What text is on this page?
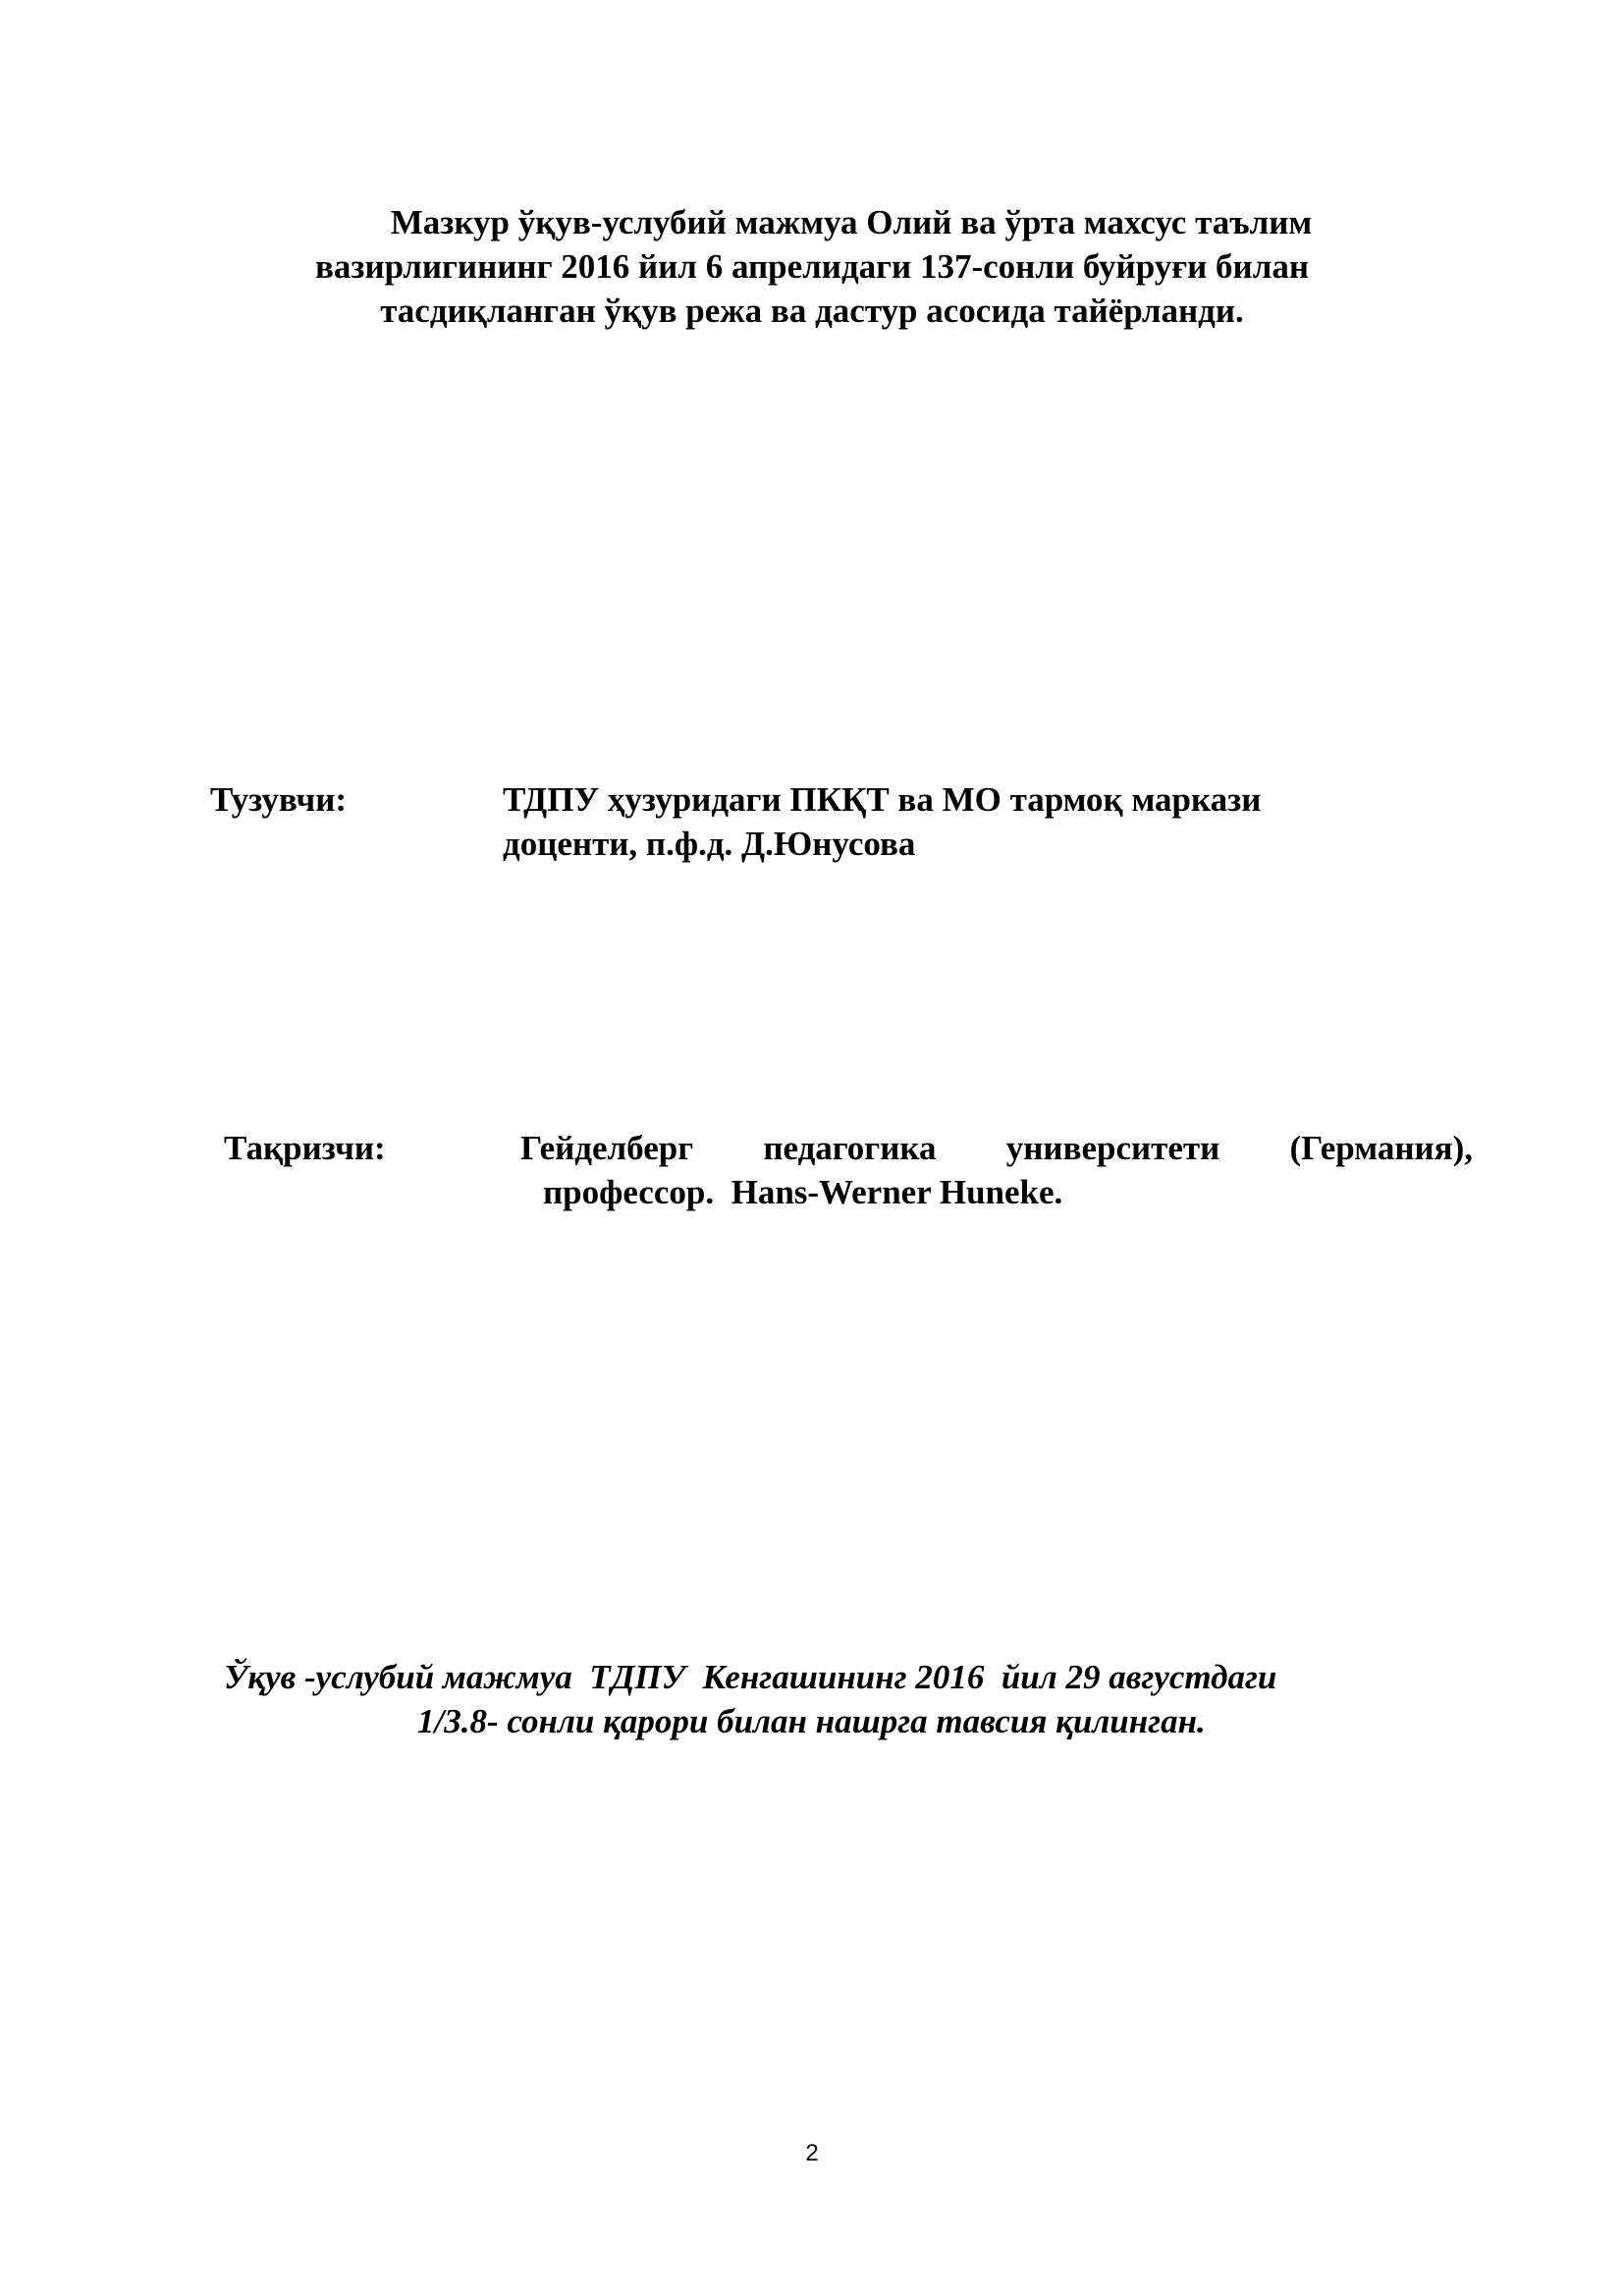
Мазкур ўқув-услубий мажмуа Олий ва ўрта махсус таълим
вазирлигининг 2016 йил 6 апрелидаги 137-сонли буйруғи билан
тасдиқланган ўқув режа ва дастур асосида тайёрланди.
Тузувчи:	ТДПУ ҳузуридаги ПКҚТ ва МО тармоқ маркази
доценти, п.ф.д. Д.Юнусова
Тақризчи:	Гейделберг педагогика университети (Германия),
профессор.  Hans-Werner Huneke.
Ўқув -услубий мажмуа  ТДПУ  Кенгашининг 2016  йил 29 августдаги
1/3.8- сонли қарори билан нашрга тавсия қилинган.
2
